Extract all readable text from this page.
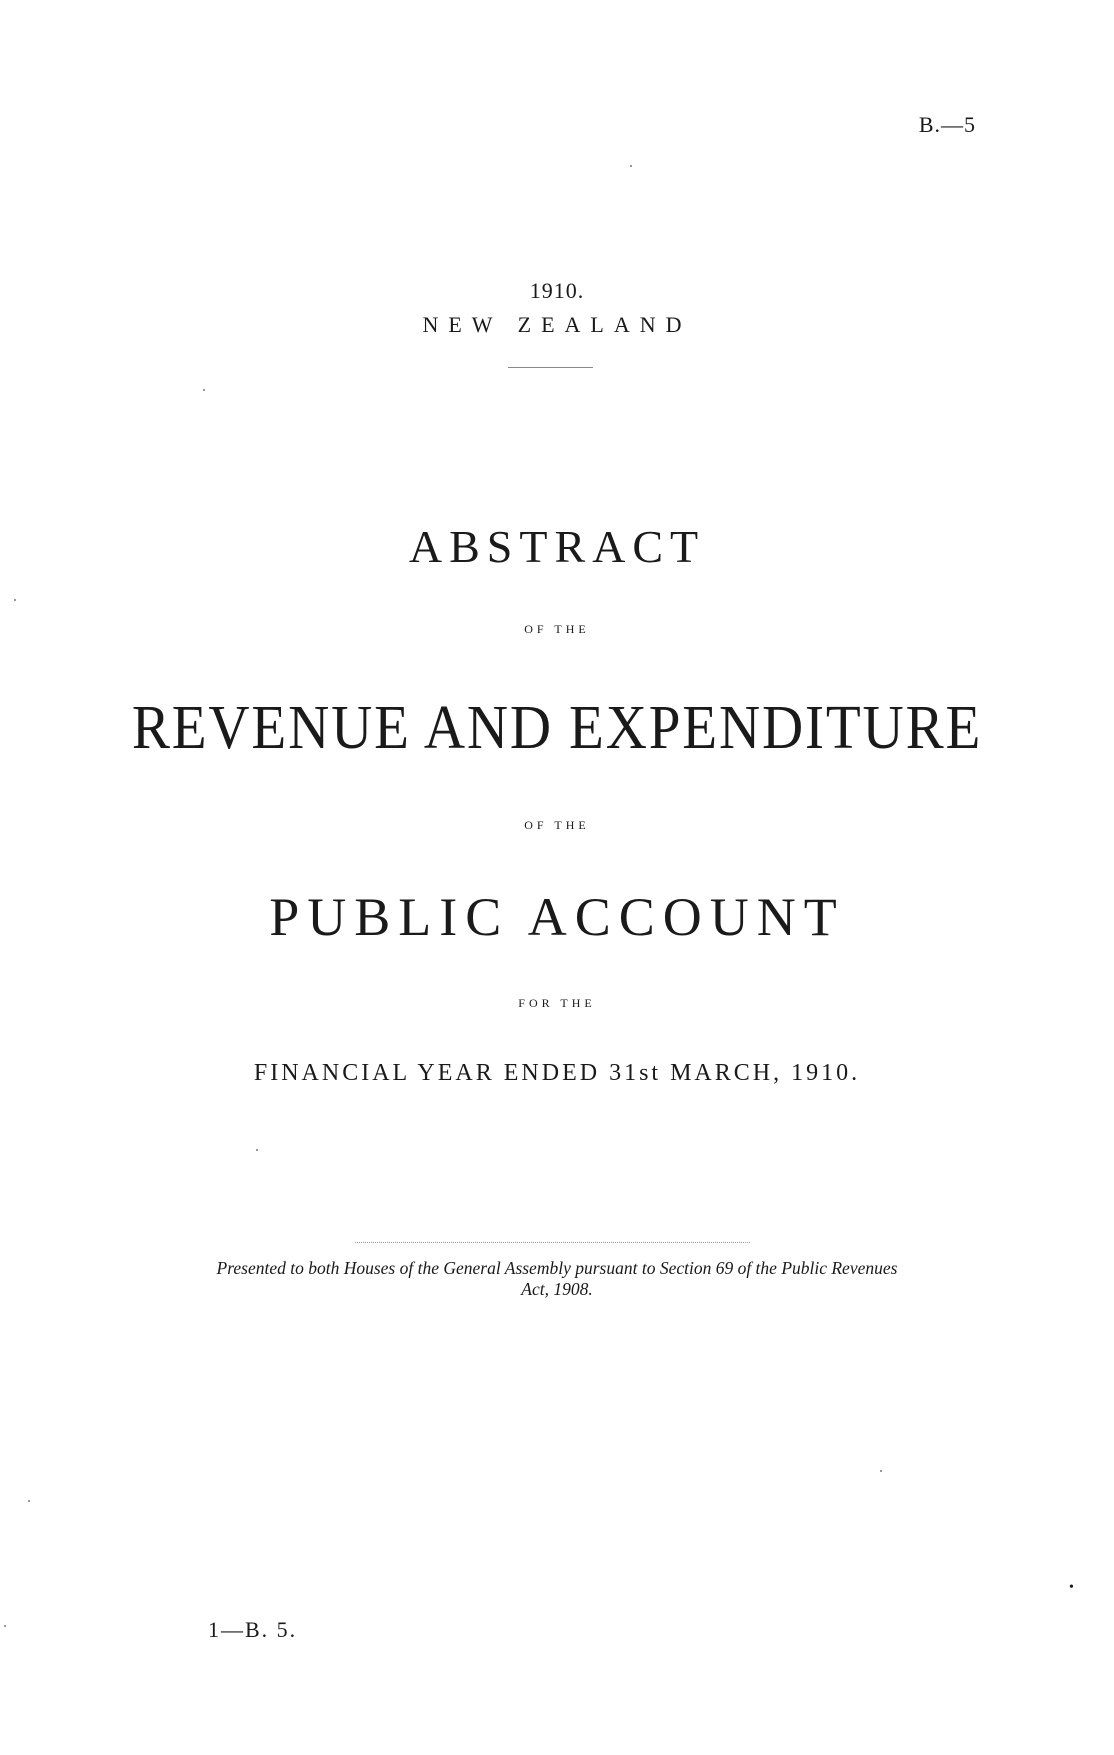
B.—5
1910.
NEW ZEALAND
ABSTRACT
OF THE
REVENUE AND EXPENDITURE
OF THE
PUBLIC ACCOUNT
FOR THE
FINANCIAL YEAR ENDED 31st MARCH, 1910.
Presented to both Houses of the General Assembly pursuant to Section 69 of the Public Revenues
Act, 1908.
1—B. 5.
•
